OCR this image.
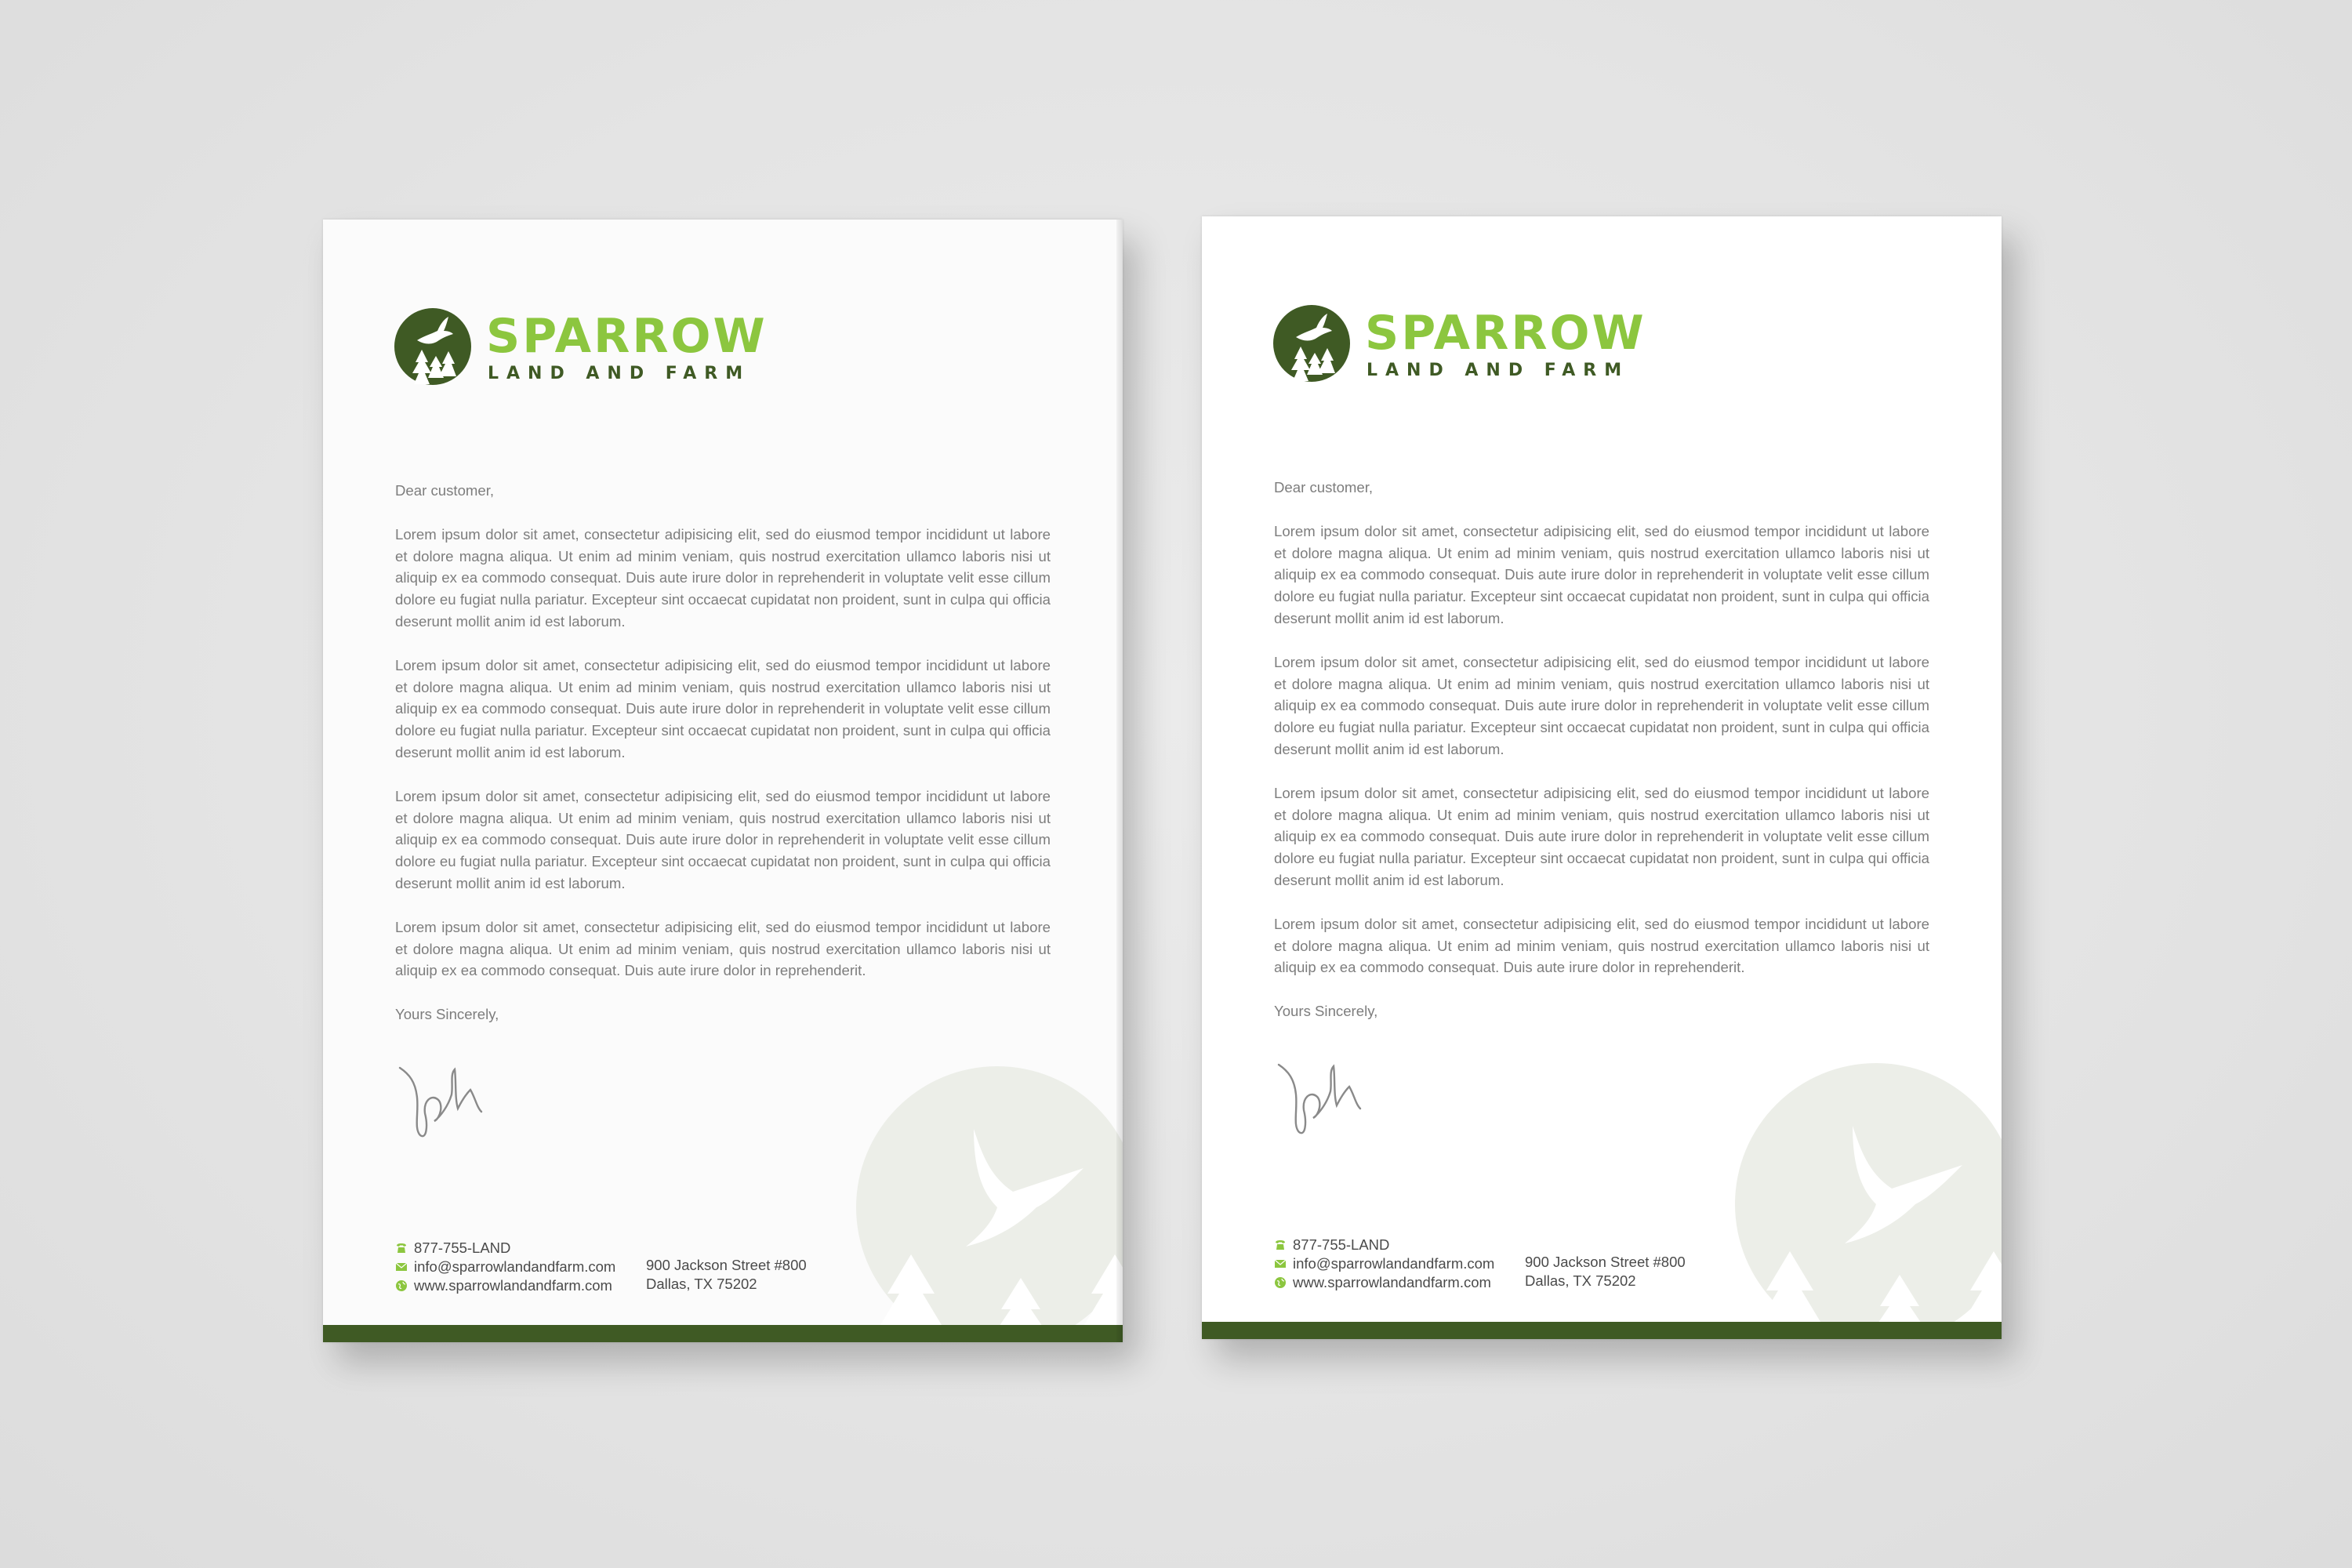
SPARROW
LAND AND FARM

Dear customer,

Lorem ipsum dolor sit amet, consectetur adipisicing elit, sed do eiusmod tempor incididunt ut labore et dolore magna aliqua. Ut enim ad minim veniam, quis nostrud exercitation ullamco laboris nisi ut aliquip ex ea commodo consequat. Duis aute irure dolor in reprehenderit in voluptate velit esse cillum dolore eu fugiat nulla pariatur. Excepteur sint occaecat cupidatat non proident, sunt in culpa qui officia deserunt mollit anim id est laborum.

Lorem ipsum dolor sit amet, consectetur adipisicing elit, sed do eiusmod tempor incididunt ut labore et dolore magna aliqua. Ut enim ad minim veniam, quis nostrud exercitation ullamco laboris nisi ut aliquip ex ea commodo consequat. Duis aute irure dolor in reprehenderit in voluptate velit esse cillum dolore eu fugiat nulla pariatur. Excepteur sint occaecat cupidatat non proident, sunt in culpa qui officia deserunt mollit anim id est laborum.

Lorem ipsum dolor sit amet, consectetur adipisicing elit, sed do eiusmod tempor incididunt ut labore et dolore magna aliqua. Ut enim ad minim veniam, quis nostrud exercitation ullamco laboris nisi ut aliquip ex ea commodo consequat. Duis aute irure dolor in reprehenderit in voluptate velit esse cillum dolore eu fugiat nulla pariatur. Excepteur sint occaecat cupidatat non proident, sunt in culpa qui officia deserunt mollit anim id est laborum.

Lorem ipsum dolor sit amet, consectetur adipisicing elit, sed do eiusmod tempor incididunt ut labore et dolore magna aliqua. Ut enim ad minim veniam, quis nostrud exercitation ullamco laboris nisi ut aliquip ex ea commodo consequat. Duis aute irure dolor in reprehenderit.

Yours Sincerely,

877-755-LAND
info@sparrowlandandfarm.com
www.sparrowlandandfarm.com
900 Jackson Street #800
Dallas, TX 75202
SPARROW
LAND AND FARM

Dear customer,

Lorem ipsum dolor sit amet, consectetur adipisicing elit, sed do eiusmod tempor incididunt ut labore et dolore magna aliqua. Ut enim ad minim veniam, quis nostrud exercitation ullamco laboris nisi ut aliquip ex ea commodo consequat. Duis aute irure dolor in reprehenderit in voluptate velit esse cillum dolore eu fugiat nulla pariatur. Excepteur sint occaecat cupidatat non proident, sunt in culpa qui officia deserunt mollit anim id est laborum.

Lorem ipsum dolor sit amet, consectetur adipisicing elit, sed do eiusmod tempor incididunt ut labore et dolore magna aliqua. Ut enim ad minim veniam, quis nostrud exercitation ullamco laboris nisi ut aliquip ex ea commodo consequat. Duis aute irure dolor in reprehenderit in voluptate velit esse cillum dolore eu fugiat nulla pariatur. Excepteur sint occaecat cupidatat non proident, sunt in culpa qui officia deserunt mollit anim id est laborum.

Lorem ipsum dolor sit amet, consectetur adipisicing elit, sed do eiusmod tempor incididunt ut labore et dolore magna aliqua. Ut enim ad minim veniam, quis nostrud exercitation ullamco laboris nisi ut aliquip ex ea commodo consequat. Duis aute irure dolor in reprehenderit in voluptate velit esse cillum dolore eu fugiat nulla pariatur. Excepteur sint occaecat cupidatat non proident, sunt in culpa qui officia deserunt mollit anim id est laborum.

Lorem ipsum dolor sit amet, consectetur adipisicing elit, sed do eiusmod tempor incididunt ut labore et dolore magna aliqua. Ut enim ad minim veniam, quis nostrud exercitation ullamco laboris nisi ut aliquip ex ea commodo consequat. Duis aute irure dolor in reprehenderit.

Yours Sincerely,

877-755-LAND
info@sparrowlandandfarm.com
www.sparrowlandandfarm.com
900 Jackson Street #800
Dallas, TX 75202
